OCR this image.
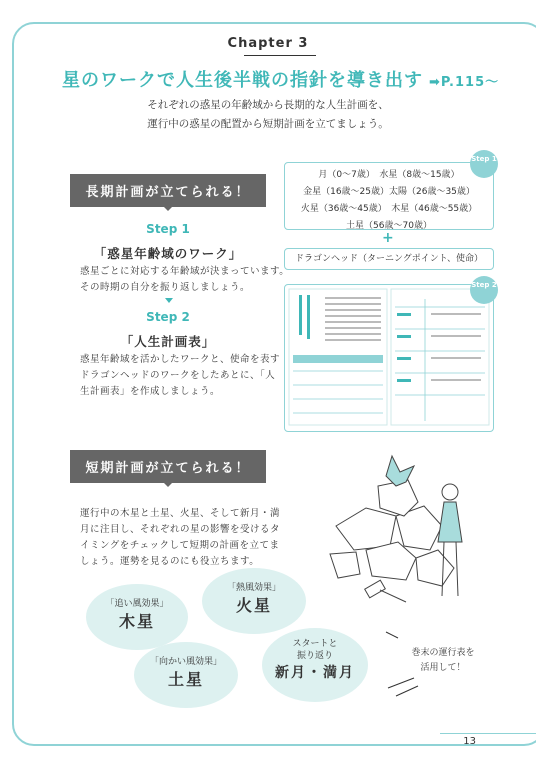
Chapter 3
星のワークで人生後半戦の指針を導き出す ➡P.115〜
それぞれの惑星の年齢域から長期的な人生計画を、
運行中の惑星の配置から短期計画を立てましょう。
長期計画が立てられる！
Step 1
「惑星年齢域のワーク」
惑星ごとに対応する年齢域が決まっています。
その時期の自分を振り返しましょう。
Step 2
「人生計画表」
惑星年齢域を活かしたワークと、使命を表す
ドラゴンヘッドのワークをしたあとに、「人
生計画表」を作成しましょう。
月（0〜7歳）　水星（8歳〜15歳）
金星（16歳〜25歳）太陽（26歳〜35歳）
火星（36歳〜45歳）　木星（46歳〜55歳）
土星（56歳〜70歳）
Step 1
+
ドラゴンヘッド（ターニングポイント、使命）
Step 2
短期計画が立てられる！
運行中の木星と土星、火星、そして新月・満
月に注目し、それぞれの星の影響を受けるタ
イミングをチェックして短期の計画を立てま
しょう。運勢を見るのにも役立ちます。
「追い風効果」
木星
「熱風効果」
火星
「向かい風効果」
土星
スタートと
振り返り
新月・満月
巻末の運行表を
活用して！
13
